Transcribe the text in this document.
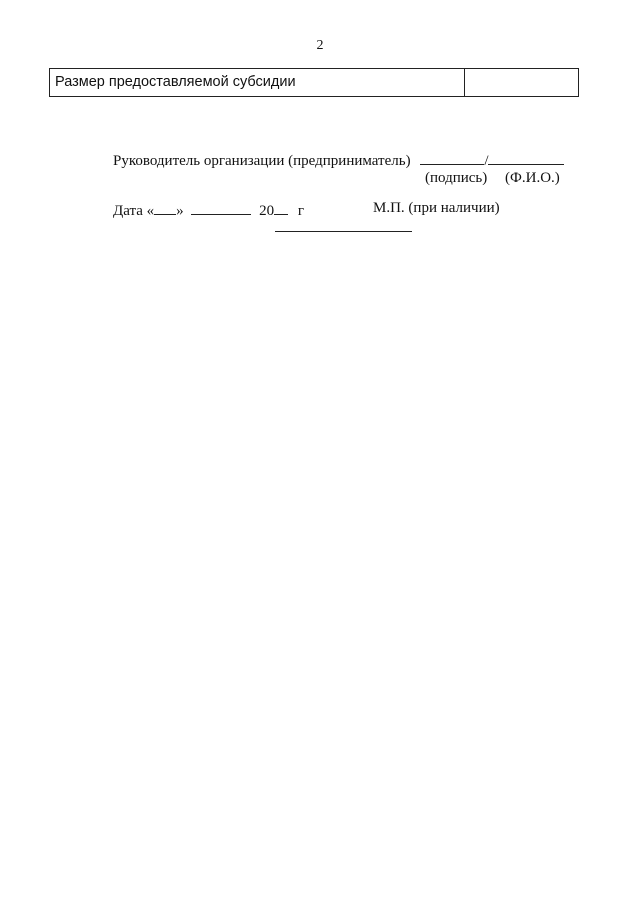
2
Размер предоставляемой субсидии
Руководитель организации (предприниматель)	/
(подпись) (Ф.И.О.)
Дата « »	20 г	М.П. (при наличии)
